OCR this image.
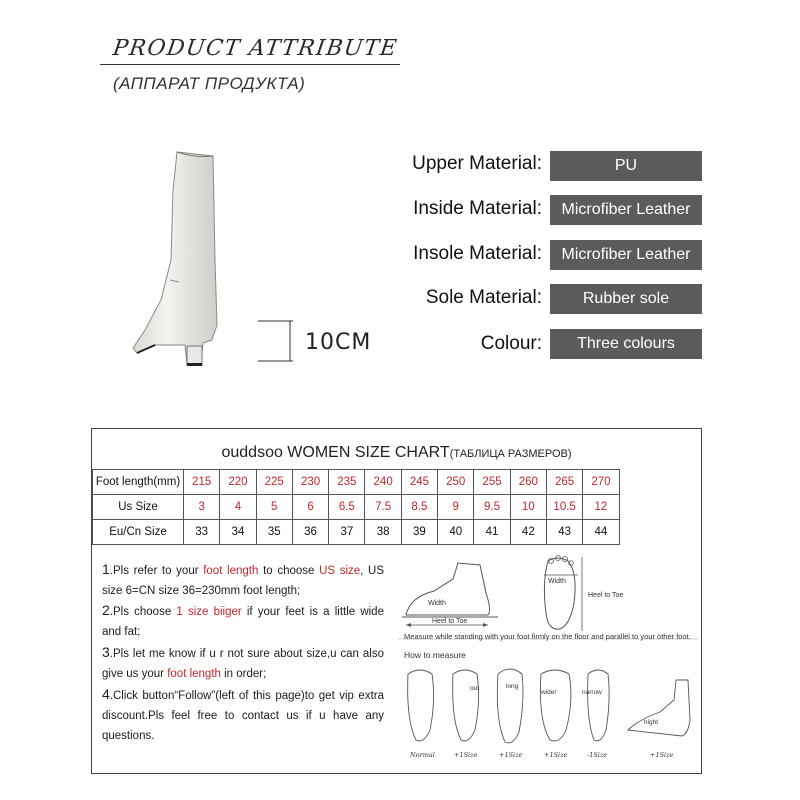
PRODUCT ATTRIBUTE
(АППАРАТ ПРОДУКТА)
10CM
Upper Material:	PU
Inside Material:	Microfiber Leather
Insole Material:	Microfiber Leather
Sole Material:	Rubber sole
Colour:	Three colours
ouddsoo WOMEN SIZE CHART(ТАБЛИЦА РАЗМЕРОВ)
Foot length(mm)	215	220	225	230	235	240	245	250	255	260	265	270
Us Size	3	4	5	6	6.5	7.5	8.5	9	9.5	10	10.5	12
Eu/Cn Size	33	34	35	36	37	38	39	40	41	42	43	44
1.Pls refer to your foot length to choose US size, US size 6=CN size 36=230mm foot length;
2.Pls choose 1 size biiger if your feet is a little wide and fat;
3.Pls let me know if u r not sure about size,u can also give us your foot length in order;
4.Click button“Follow”(left of this page)to get vip extra discount.Pls feel free to contact us if u have any questions.
Width
Heel to Toe
Width
Heel to Toe
Measure while standing with your foot firmly on the floor and parallel to your other foot.
How to measure
out	long
wider	narrow
hight
Normal	+1Size	+1Size	+1Size	-1Size	+1Size
